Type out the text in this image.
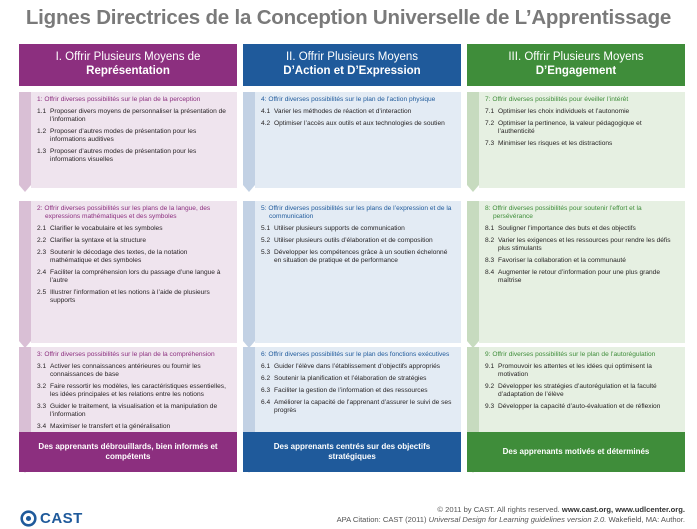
Lignes Directrices de la Conception Universelle de L’Apprentissage
I. Offrir Plusieurs Moyens de
Représentation
1: Offrir diverses possibilités sur le plan de la perception
1.1 Proposer divers moyens de personnaliser la présentation de l’information
1.2 Proposer d’autres modes de présentation pour les informations auditives
1.3 Proposer d’autres modes de présentation pour les informations visuelles
2: Offrir diverses possibilités sur les plans de la langue, des expressions mathématiques et des symboles
2.1 Clarifier le vocabulaire et les symboles
2.2 Clarifier la syntaxe et la structure
2.3 Soutenir le décodage des textes, de la notation mathématique et des symboles
2.4 Faciliter la compréhension lors du passage d’une langue à l’autre
2.5 Illustrer l’information et les notions à l’aide de plusieurs supports
3: Offrir diverses possibilités sur le plan de la compréhension
3.1 Activer les connaissances antérieures ou fournir les connaissances de base
3.2 Faire ressortir les modèles, les caractéristiques essentielles, les idées principales et les relations entre les notions
3.3 Guider le traitement, la visualisation et la manipulation de l’information
3.4 Maximiser le transfert et la généralisation
II. Offrir Plusieurs Moyens
D’Action et D’Expression
4: Offrir diverses possibilités sur le plan de l’action physique
4.1 Varier les méthodes de réaction et d’interaction
4.2 Optimiser l’accès aux outils et aux technologies de soutien
5: Offrir diverses possibilités sur les plans de l’expression et de la communication
5.1 Utiliser plusieurs supports de communication
5.2 Utiliser plusieurs outils d’élaboration et de composition
5.3 Développer les compétences grâce à un soutien échelonné en situation de pratique et de performance
6: Offrir diverses possibilités sur le plan des fonctions exécutives
6.1 Guider l’élève dans l’établissement d’objectifs appropriés
6.2 Soutenir la planification et l’élaboration de stratégies
6.3 Faciliter la gestion de l’information et des ressources
6.4 Améliorer la capacité de l’apprenant d’assurer le suivi de ses progrès
III. Offrir Plusieurs Moyens
D’Engagement
7: Offrir diverses possibilités pour éveiller l’intérêt
7.1 Optimiser les choix individuels et l’autonomie
7.2 Optimiser la pertinence, la valeur pédagogique et l’authenticité
7.3 Minimiser les risques et les distractions
8: Offrir diverses possibilités pour soutenir l’effort et la persévérance
8.1 Souligner l’importance des buts et des objectifs
8.2 Varier les exigences et les ressources pour rendre les défis plus stimulants
8.3 Favoriser la collaboration et la communauté
8.4 Augmenter le retour d’information pour une plus grande maîtrise
9: Offrir diverses possibilités sur le plan de l’autorégulation
9.1 Promouvoir les attentes et les idées qui optimisent la motivation
9.2 Développer les stratégies d’autorégulation et la faculté d’adaptation de l’élève
9.3 Développer la capacité d’auto-évaluation et de réflexion
Des apprenants débrouillards, bien informés et compétents
Des apprenants centrés sur des objectifs stratégiques
Des apprenants motivés et déterminés
CAST
© 2011 by CAST. All rights reserved. www.cast.org, www.udlcenter.org.
APA Citation: CAST (2011) Universal Design for Learning guidelines version 2.0. Wakefield, MA: Author.
